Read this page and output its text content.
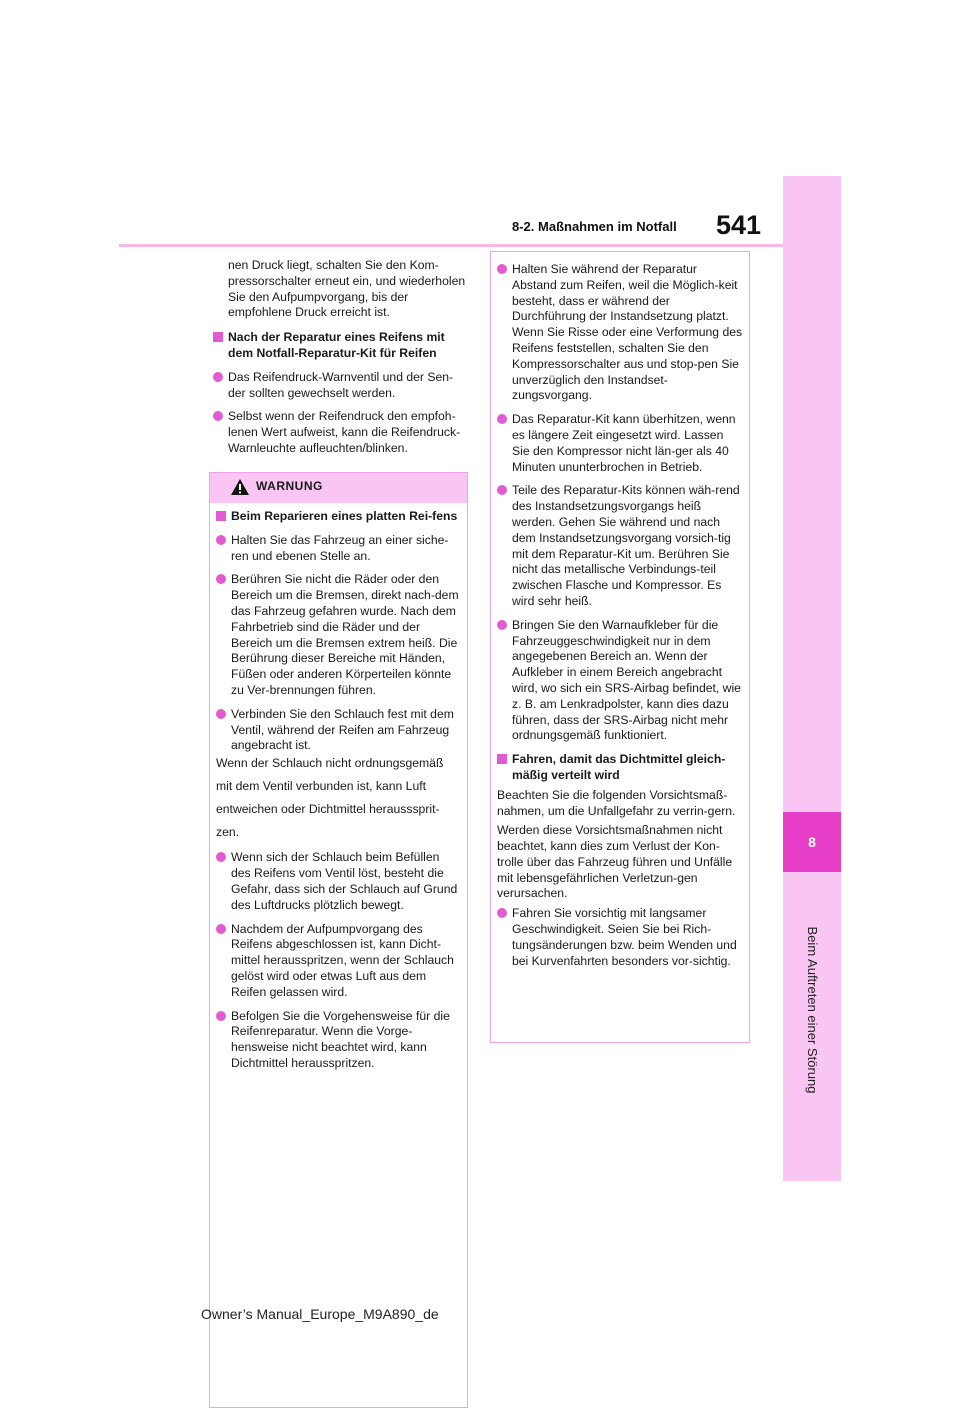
8
Beim Auftreten einer Störung
8-2. Maßnahmen im Notfall 541

nen Druck liegt, schalten Sie den Kom-pressorschalter erneut ein, und wiederholen Sie den Aufpumpvorgang, bis der empfohlene Druck erreicht ist.

Nach der Reparatur eines Reifens mit dem Notfall-Reparatur-Kit für Reifen
Das Reifendruck-Warnventil und der Sen-der sollten gewechselt werden.
Selbst wenn der Reifendruck den empfoh-lenen Wert aufweist, kann die Reifendruck-Warnleuchte aufleuchten/blinken.
WARNUNG
Beim Reparieren eines platten Rei-fens
Halten Sie das Fahrzeug an einer siche-ren und ebenen Stelle an.
Berühren Sie nicht die Räder oder den Bereich um die Bremsen, direkt nach-dem das Fahrzeug gefahren wurde. Nach dem Fahrbetrieb sind die Räder und der Bereich um die Bremsen extrem heiß. Die Berührung dieser Bereiche mit Händen, Füßen oder anderen Körperteilen könnte zu Ver-brennungen führen.
Verbinden Sie den Schlauch fest mit dem Ventil, während der Reifen am Fahrzeug angebracht ist.
Wenn der Schlauch nicht ordnungsgemäß
mit dem Ventil verbunden ist, kann Luft
entweichen oder Dichtmittel herausssprit-
zen.
Wenn sich der Schlauch beim Befüllen des Reifens vom Ventil löst, besteht die Gefahr, dass sich der Schlauch auf Grund des Luftdrucks plötzlich bewegt.
Nachdem der Aufpumpvorgang des Reifens abgeschlossen ist, kann Dicht-mittel herausspritzen, wenn der Schlauch gelöst wird oder etwas Luft aus dem Reifen gelassen wird.
Befolgen Sie die Vorgehensweise für die Reifenreparatur. Wenn die Vorge-hensweise nicht beachtet wird, kann Dichtmittel herausspritzen.
Halten Sie während der Reparatur Abstand zum Reifen, weil die Möglich-keit besteht, dass er während der Durchführung der Instandsetzung platzt. Wenn Sie Risse oder eine Verformung des Reifens feststellen, schalten Sie den Kompressorschalter aus und stop-pen Sie unverzüglich den Instandset-zungsvorgang.
Das Reparatur-Kit kann überhitzen, wenn es längere Zeit eingesetzt wird. Lassen Sie den Kompressor nicht län-ger als 40 Minuten ununterbrochen in Betrieb.
Teile des Reparatur-Kits können wäh-rend des Instandsetzungsvorgangs heiß werden. Gehen Sie während und nach dem Instandsetzungsvorgang vorsich-tig mit dem Reparatur-Kit um. Berühren Sie nicht das metallische Verbindungs-teil zwischen Flasche und Kompressor. Es wird sehr heiß.
Bringen Sie den Warnaufkleber für die Fahrzeuggeschwindigkeit nur in dem angegebenen Bereich an. Wenn der Aufkleber in einem Bereich angebracht wird, wo sich ein SRS-Airbag befindet, wie z. B. am Lenkradpolster, kann dies dazu führen, dass der SRS-Airbag nicht mehr ordnungsgemäß funktioniert.
Fahren, damit das Dichtmittel gleich-mäßig verteilt wird
Beachten Sie die folgenden Vorsichtsmaß-nahmen, um die Unfallgefahr zu verrin-gern.
Werden diese Vorsichtsmaßnahmen nicht beachtet, kann dies zum Verlust der Kon-trolle über das Fahrzeug führen und Unfälle mit lebensgefährlichen Verletzun-gen verursachen.
Fahren Sie vorsichtig mit langsamer Geschwindigkeit. Seien Sie bei Rich-tungsänderungen bzw. beim Wenden und bei Kurvenfahrten besonders vor-sichtig.
Owner’s Manual_Europe_M9A890_de
